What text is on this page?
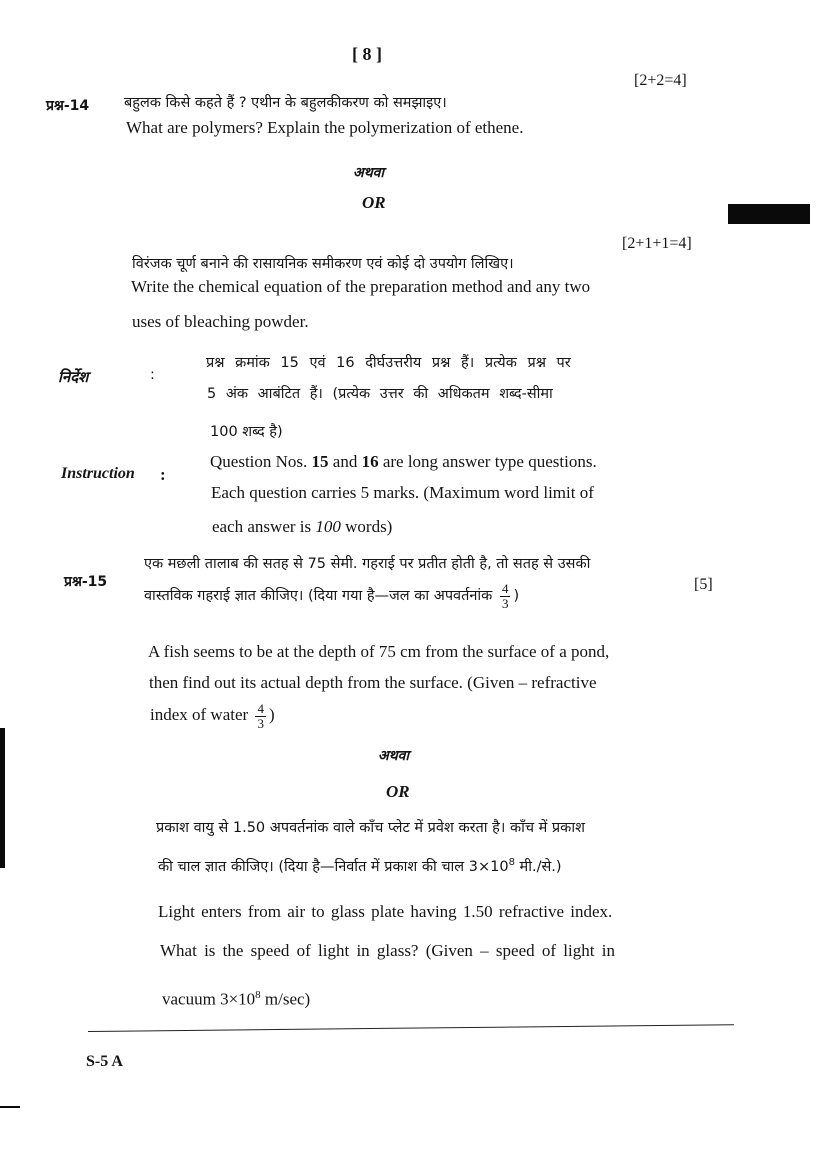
[ 8 ]
प्रश्न-14 बहुलक किसे कहते हैं ? एथीन के बहुलकीकरण को समझाइए।
[2+2=4]
What are polymers? Explain the polymerization of ethene.
अथवा
OR
विरंजक चूर्ण बनाने की रासायनिक समीकरण एवं कोई दो उपयोग लिखिए।
[2+1+1=4]
Write the chemical equation of the preparation method and any two
uses of bleaching powder.
निर्देश	:
प्रश्न क्रमांक 15 एवं 16 दीर्घउत्तरीय प्रश्न हैं। प्रत्येक प्रश्न पर
5 अंक आबंटित हैं। (प्रत्येक उत्तर की अधिकतम शब्द-सीमा
100 शब्द है)
Instruction :
Question Nos. 15 and 16 are long answer type questions.
Each question carries 5 marks. (Maximum word limit of
each answer is 100 words)
प्रश्न-15
एक मछली तालाब की सतह से 75 सेमी. गहराई पर प्रतीत होती है, तो सतह से उसकी
वास्तविक गहराई ज्ञात कीजिए। (दिया गया है—जल का अपवर्तनांक $\frac{4}{3}$ )
[5]
A fish seems to be at the depth of 75 cm from the surface of a pond,
then find out its actual depth from the surface. (Given – refractive
index of water $\frac{4}{3}$ )
अथवा
OR
प्रकाश वायु से 1.50 अपवर्तनांक वाले काँच प्लेट में प्रवेश करता है। काँच में प्रकाश
की चाल ज्ञात कीजिए। (दिया है—निर्वात में प्रकाश की चाल $3\times 10^8$ मी./से.)
Light enters from air to glass plate having 1.50 refractive index.
What is the speed of light in glass? (Given – speed of light in
vacuum $3\times 10^8$ m/sec)
S-5 A
